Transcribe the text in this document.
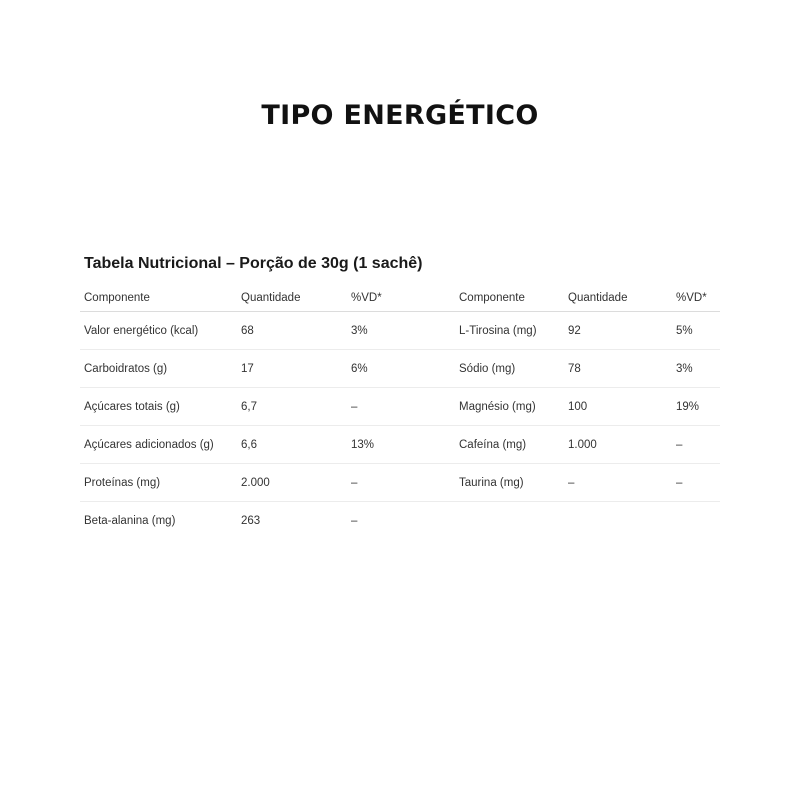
TIPO ENERGÉTICO
Tabela Nutricional – Porção de 30g (1 sachê)
Componente	Quantidade	%VD*	Componente	Quantidade	%VD*
Valor energético (kcal)	68	3%	L-Tirosina (mg)	92	5%
Carboidratos (g)	17	6%	Sódio (mg)	78	3%
Açúcares totais (g)	6,7	–	Magnésio (mg)	100	19%
Açúcares adicionados (g)	6,6	13%	Cafeína (mg)	1.000	–
Proteínas (mg)	2.000	–	Taurina (mg)	–	–
Beta-alanina (mg)	263	–			
